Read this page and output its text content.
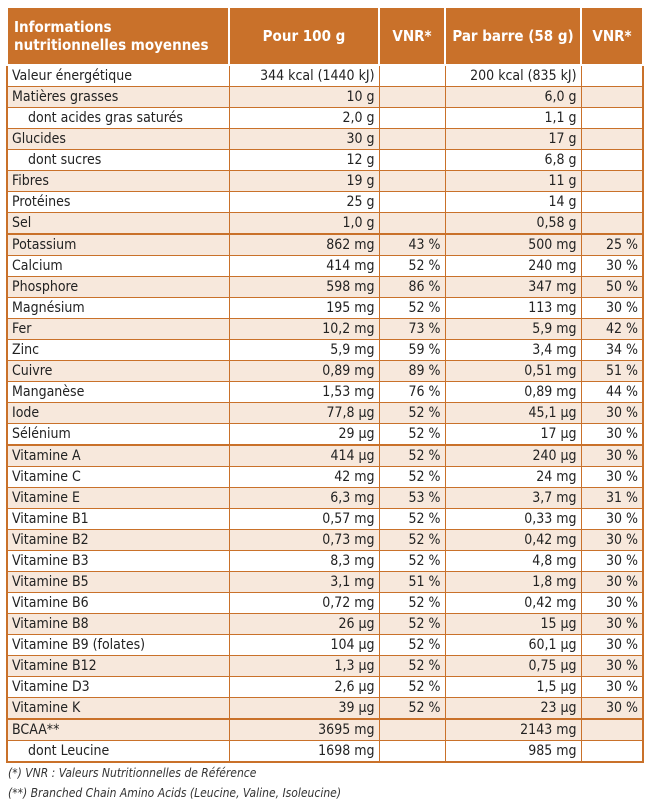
Informations
nutritionnelles moyennes	Pour 100 g	VNR*	Par barre (58 g)	VNR*
Valeur énergétique	344 kcal (1440 kJ)		200 kcal (835 kJ)	
Matières grasses	10 g		6,0 g	
dont acides gras saturés	2,0 g		1,1 g	
Glucides	30 g		17 g	
dont sucres	12 g		6,8 g	
Fibres	19 g		11 g	
Protéines	25 g		14 g	
Sel	1,0 g		0,58 g	
Potassium	862 mg	43 %	500 mg	25 %
Calcium	414 mg	52 %	240 mg	30 %
Phosphore	598 mg	86 %	347 mg	50 %
Magnésium	195 mg	52 %	113 mg	30 %
Fer	10,2 mg	73 %	5,9 mg	42 %
Zinc	5,9 mg	59 %	3,4 mg	34 %
Cuivre	0,89 mg	89 %	0,51 mg	51 %
Manganèse	1,53 mg	76 %	0,89 mg	44 %
Iode	77,8 µg	52 %	45,1 µg	30 %
Sélénium	29 µg	52 %	17 µg	30 %
Vitamine A	414 µg	52 %	240 µg	30 %
Vitamine C	42 mg	52 %	24 mg	30 %
Vitamine E	6,3 mg	53 %	3,7 mg	31 %
Vitamine B1	0,57 mg	52 %	0,33 mg	30 %
Vitamine B2	0,73 mg	52 %	0,42 mg	30 %
Vitamine B3	8,3 mg	52 %	4,8 mg	30 %
Vitamine B5	3,1 mg	51 %	1,8 mg	30 %
Vitamine B6	0,72 mg	52 %	0,42 mg	30 %
Vitamine B8	26 µg	52 %	15 µg	30 %
Vitamine B9 (folates)	104 µg	52 %	60,1 µg	30 %
Vitamine B12	1,3 µg	52 %	0,75 µg	30 %
Vitamine D3	2,6 µg	52 %	1,5 µg	30 %
Vitamine K	39 µg	52 %	23 µg	30 %
BCAA**	3695 mg		2143 mg	
dont Leucine	1698 mg		985 mg	
(*) VNR : Valeurs Nutritionnelles de Référence
(**) Branched Chain Amino Acids (Leucine, Valine, Isoleucine)
